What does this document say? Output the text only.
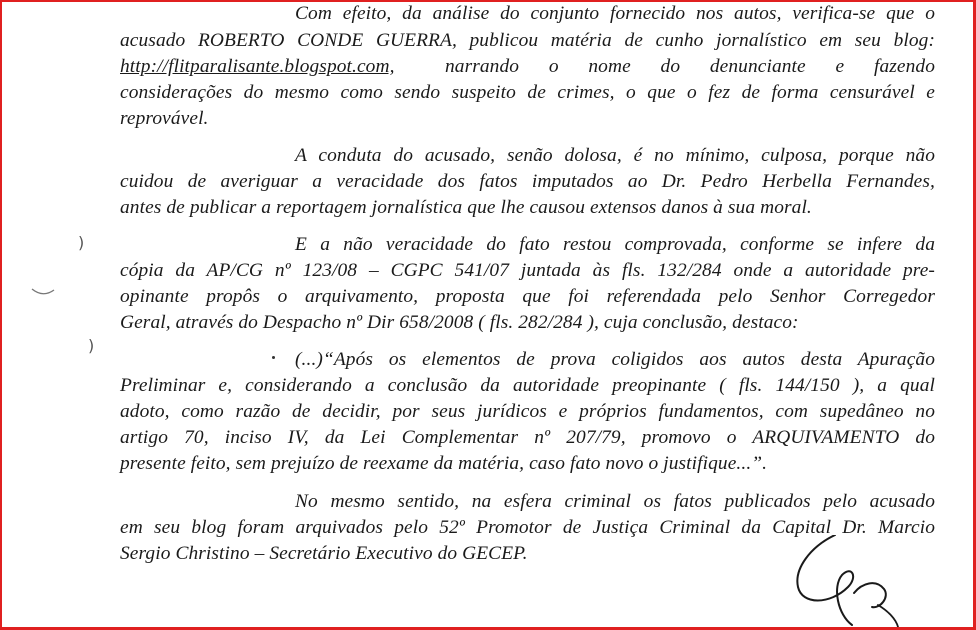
Com efeito, da análise do conjunto fornecido nos autos, verifica-se que o
acusado ROBERTO CONDE GUERRA, publicou matéria de cunho jornalístico em seu blog:
http://flitparalisante.blogspot.com,	narrando o nome do denunciante e fazendo
considerações do mesmo como sendo suspeito de crimes, o que o fez de forma censurável e
reprovável.
A conduta do acusado, senão dolosa, é no mínimo, culposa, porque não
cuidou de averiguar a veracidade dos fatos imputados ao Dr. Pedro Herbella Fernandes,
antes de publicar a reportagem jornalística que lhe causou extensos danos à sua moral.
E a não veracidade do fato restou comprovada, conforme se infere da
cópia da AP/CG nº 123/08 – CGPC 541/07 juntada às fls. 132/284 onde a autoridade pre-
opinante propôs o arquivamento, proposta que foi referendada pelo Senhor Corregedor
Geral, através do Despacho nº Dir 658/2008 ( fls. 282/284 ), cuja conclusão, destaco:
(...)“Após os elementos de prova coligidos aos autos desta Apuração
Preliminar e, considerando a conclusão da autoridade preopinante ( fls. 144/150 ), a qual
adoto, como razão de decidir, por seus jurídicos e próprios fundamentos, com supedâneo no
artigo 70, inciso IV, da Lei Complementar nº 207/79, promovo o ARQUIVAMENTO do
presente feito, sem prejuízo de reexame da matéria, caso fato novo o justifique...”.
No mesmo sentido, na esfera criminal os fatos publicados pelo acusado
em seu blog foram arquivados pelo 52º Promotor de Justiça Criminal da Capital Dr. Marcio
Sergio Christino – Secretário Executivo do GECEP.
)
)
